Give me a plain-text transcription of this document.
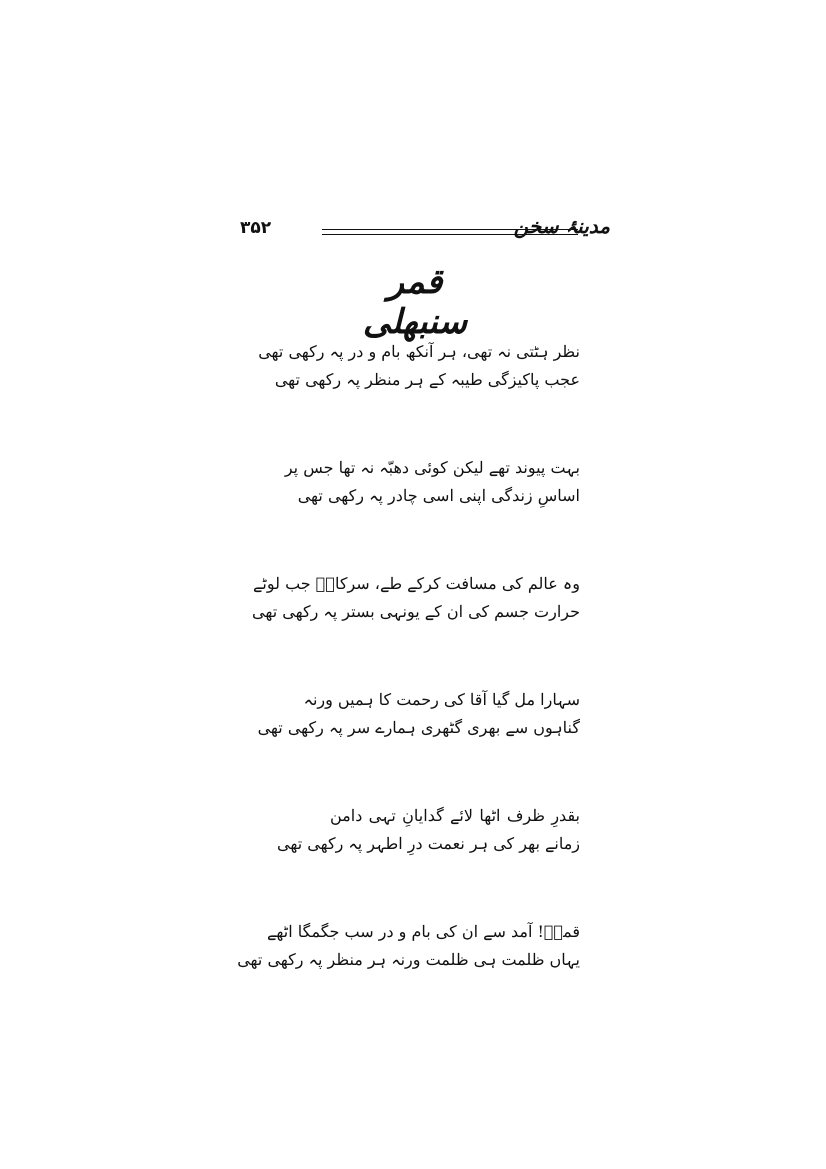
۳۵۲	مدینۂ سخن
قمر سنبھلی
نظر ہٹتی نہ تھی، ہر آنکھ بام و در پہ رکھی تھی
عجب پاکیزگی طیبہ کے ہر منظر پہ رکھی تھی
بہت پیوند تھے لیکن کوئی دھبّہ نہ تھا جس پر
اساسِ زندگی اپنی اسی چادر پہ رکھی تھی
وہ عالم کی مسافت کرکے طے، سرکارؐ جب لوٹے
حرارت جسم کی ان کے یونہی بستر پہ رکھی تھی
سہارا مل گیا آقا کی رحمت کا ہمیں ورنہ
گناہوں سے بھری گٹھری ہمارے سر پہ رکھی تھی
بقدرِ ظرف اٹھا لائے گدایانِ تہی دامن
زمانے بھر کی ہر نعمت درِ اطہر پہ رکھی تھی
قمرؔ! آمد سے ان کی بام و در سب جگمگا اٹھے
یہاں ظلمت ہی ظلمت ورنہ ہر منظر پہ رکھی تھی
